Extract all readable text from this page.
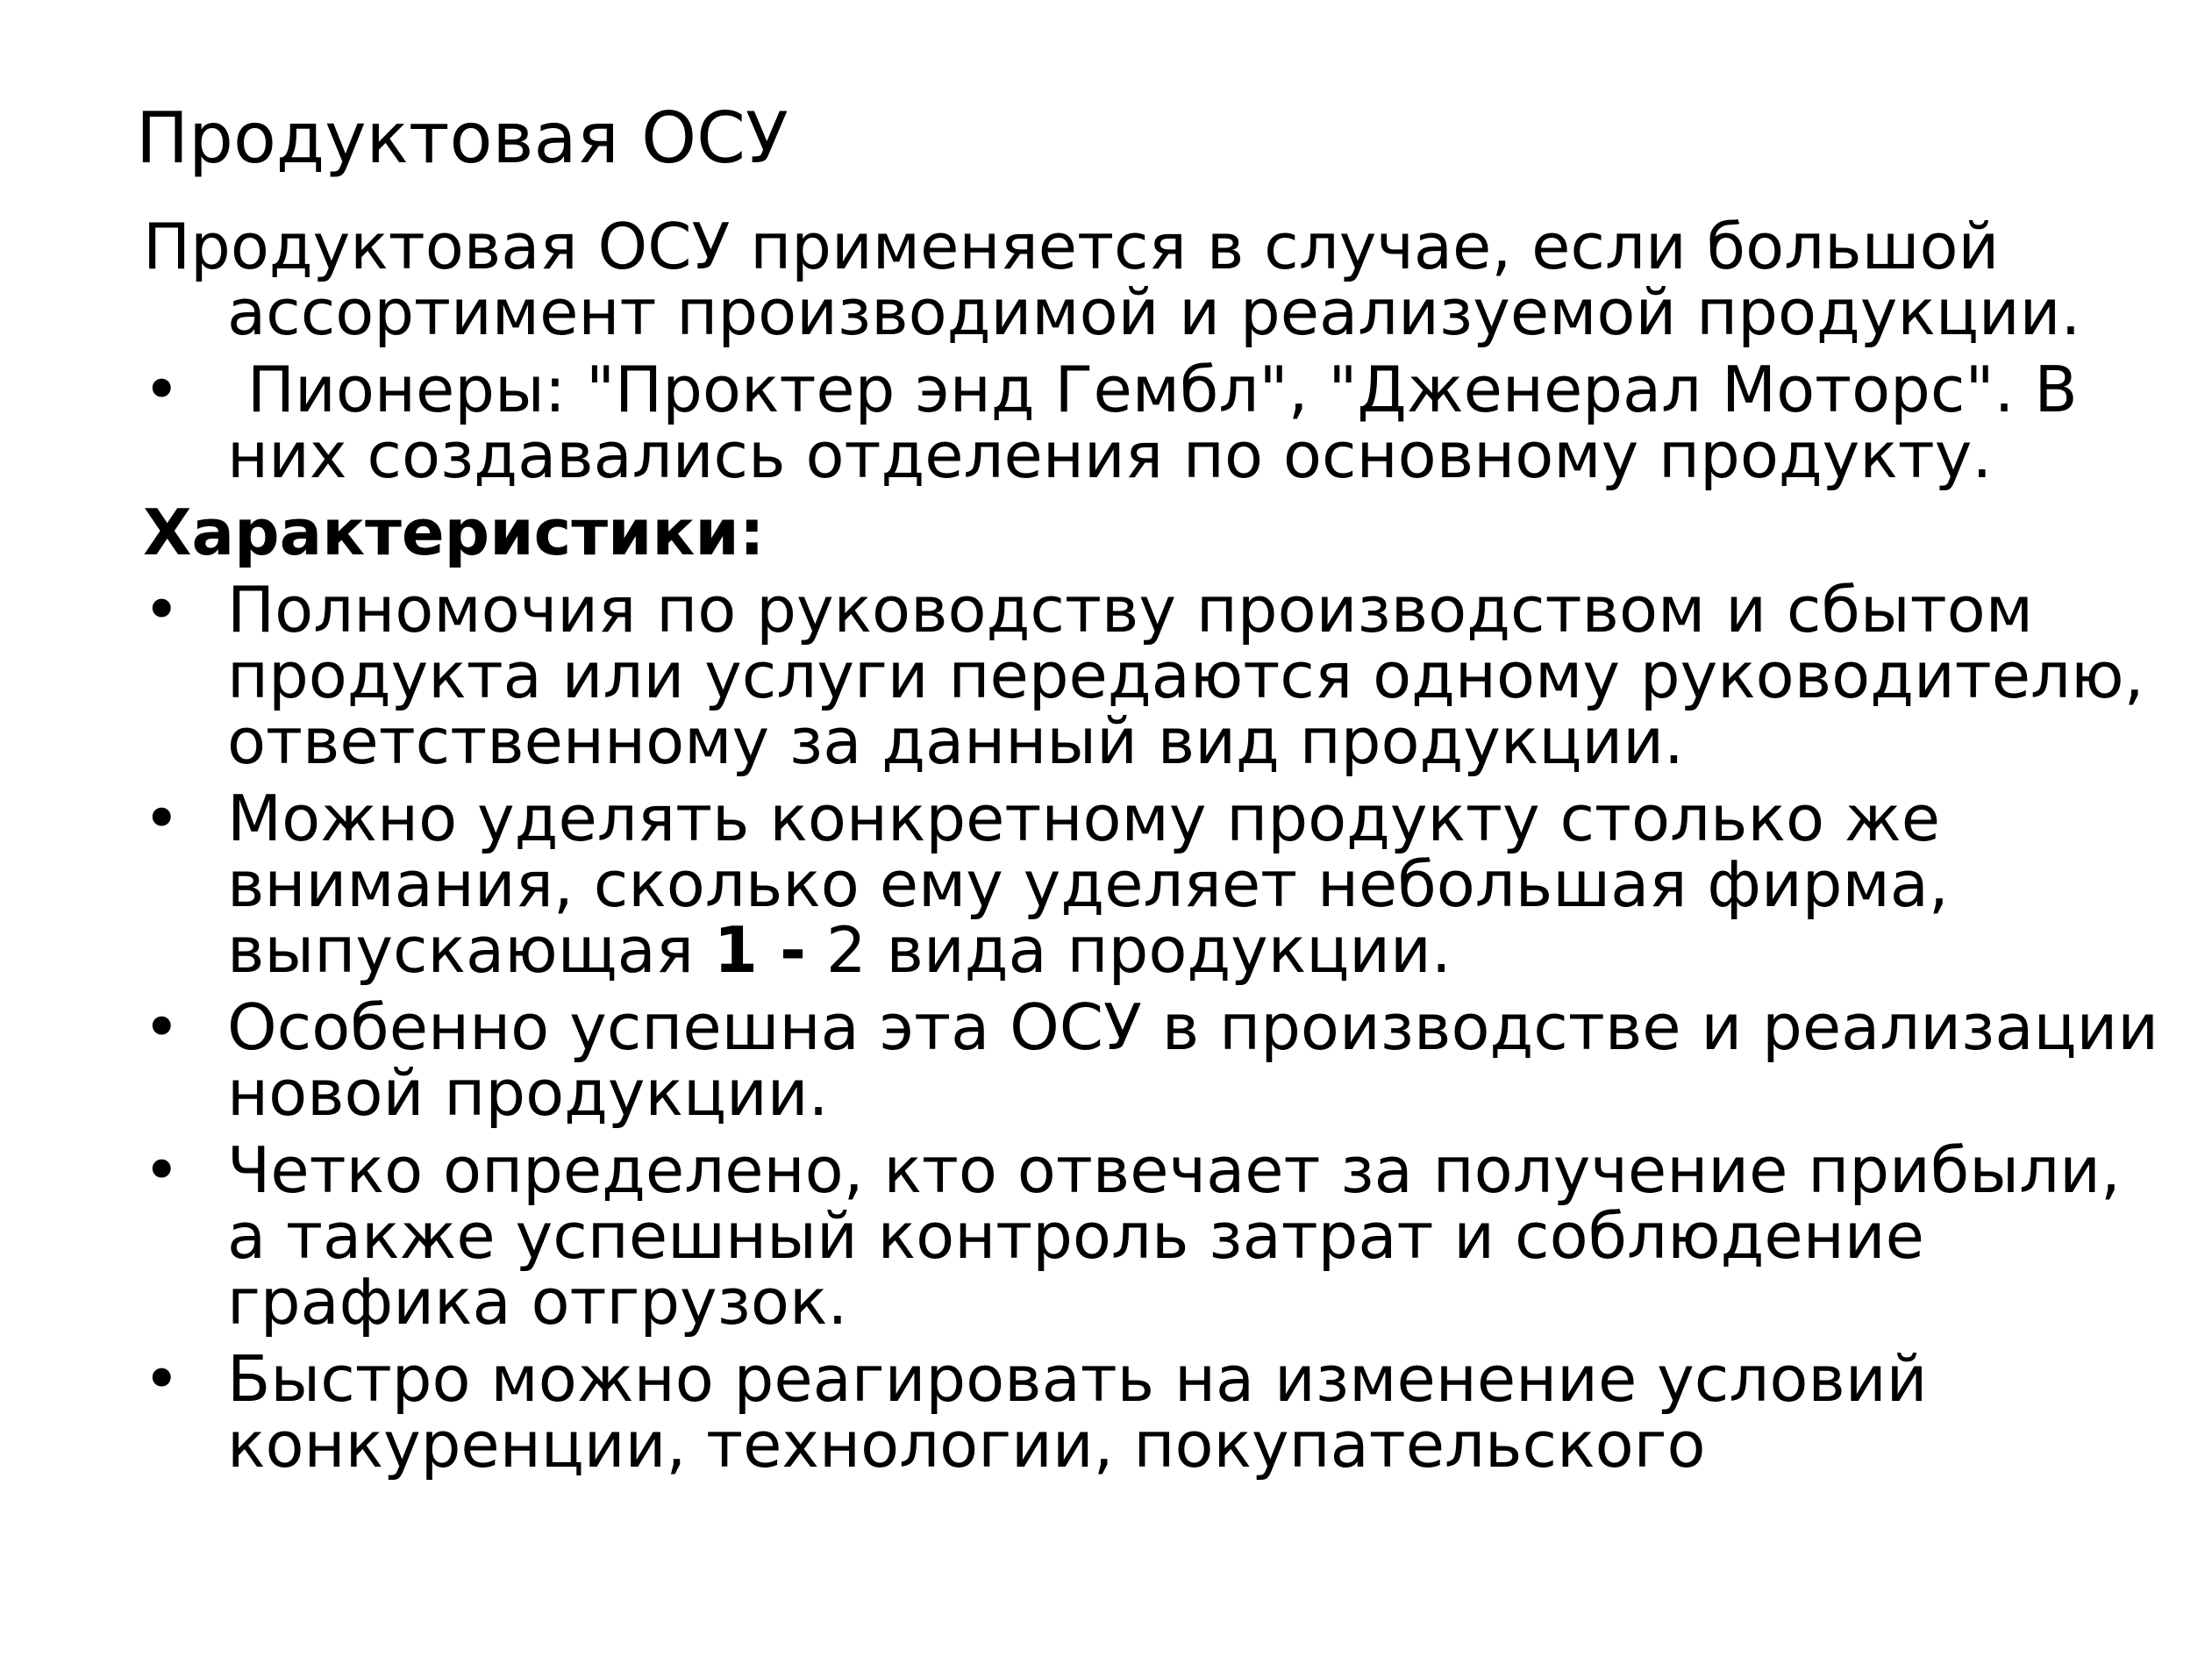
Продуктовая ОСУ

Продуктовая ОСУ применяется в случае, если большой ассортимент производимой и реализуемой продукции.

• Пионеры: "Проктер энд Гембл", "Дженерал Моторс". В них создавались отделения по основному продукту.
Характеристики:
• Полномочия по руководству производством и сбытом продукта или услуги передаются одному руководителю, ответственному за данный вид продукции.
• Можно уделять конкретному продукту столько же внимания, сколько ему уделяет небольшая фирма, выпускающая 1 - 2 вида продукции.
• Особенно успешна эта ОСУ в производстве и реализации новой продукции.
• Четко определено, кто отвечает за получение прибыли, а также успешный контроль затрат и соблюдение графика отгрузок.
• Быстро можно реагировать на изменение условий конкуренции, технологии, покупательского
